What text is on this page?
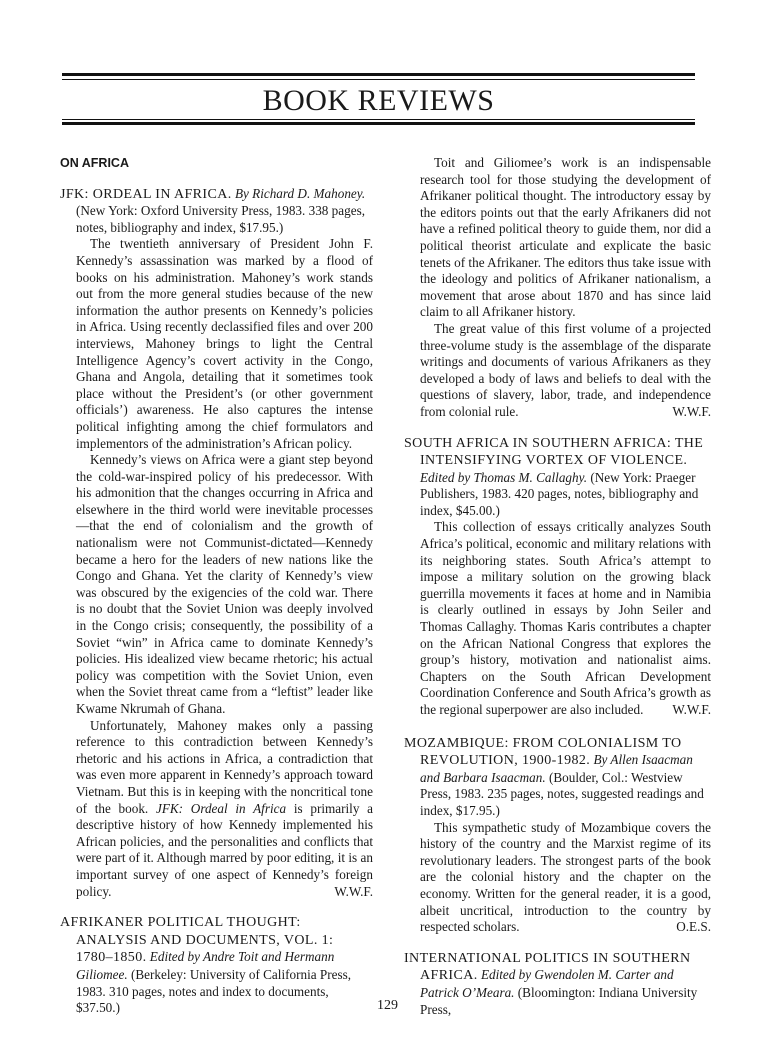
BOOK REVIEWS
ON AFRICA

JFK: ORDEAL IN AFRICA. By Richard D. Mahoney. (New York: Oxford University Press, 1983. 338 pages, notes, bibliography and index, $17.95.)

The twentieth anniversary of President John F. Kennedy’s assassination was marked by a flood of books on his administration. Mahoney’s work stands out from the more general studies because of the new information the author presents on Kennedy’s policies in Africa. Using recently declassified files and over 200 interviews, Mahoney brings to light the Central Intelligence Agency’s covert activity in the Congo, Ghana and Angola, detailing that it sometimes took place without the President’s (or other government officials’) awareness. He also captures the intense political infighting among the chief formulators and implementors of the administration’s African policy.

Kennedy’s views on Africa were a giant step beyond the cold-war-inspired policy of his predecessor. With his admonition that the changes occurring in Africa and elsewhere in the third world were inevitable processes—that the end of colonialism and the growth of nationalism were not Communist-dictated—Kennedy became a hero for the leaders of new nations like the Congo and Ghana. Yet the clarity of Kennedy’s view was obscured by the exigencies of the cold war. There is no doubt that the Soviet Union was deeply involved in the Congo crisis; consequently, the possibility of a Soviet “win” in Africa came to dominate Kennedy’s policies. His idealized view became rhetoric; his actual policy was competition with the Soviet Union, even when the Soviet threat came from a “leftist” leader like Kwame Nkrumah of Ghana.

Unfortunately, Mahoney makes only a passing reference to this contradiction between Kennedy’s rhetoric and his actions in Africa, a contradiction that was even more apparent in Kennedy’s approach toward Vietnam. But this is in keeping with the noncritical tone of the book. JFK: Ordeal in Africa is primarily a descriptive history of how Kennedy implemented his African policies, and the personalities and conflicts that were part of it. Although marred by poor editing, it is an important survey of one aspect of Kennedy’s foreign policy.	W.W.F.

AFRIKANER POLITICAL THOUGHT: ANALYSIS AND DOCUMENTS, VOL. 1: 1780–1850. Edited by Andre Toit and Hermann Giliomee. (Berkeley: University of California Press, 1983. 310 pages, notes and index to documents, $37.50.)

Toit and Giliomee’s work is an indispensable research tool for those studying the development of Afrikaner political thought. The introductory essay by the editors points out that the early Afrikaners did not have a refined political theory to guide them, nor did a political theorist articulate and explicate the basic tenets of the Afrikaner. The editors thus take issue with the ideology and politics of Afrikaner nationalism, a movement that arose about 1870 and has since laid claim to all Afrikaner history.

The great value of this first volume of a projected three-volume study is the assemblage of the disparate writings and documents of various Afrikaners as they developed a body of laws and beliefs to deal with the questions of slavery, labor, trade, and independence from colonial rule.	W.W.F.

SOUTH AFRICA IN SOUTHERN AFRICA: THE INTENSIFYING VORTEX OF VIOLENCE. Edited by Thomas M. Callaghy. (New York: Praeger Publishers, 1983. 420 pages, notes, bibliography and index, $45.00.)

This collection of essays critically analyzes South Africa’s political, economic and military relations with its neighboring states. South Africa’s attempt to impose a military solution on the growing black guerrilla movements it faces at home and in Namibia is clearly outlined in essays by John Seiler and Thomas Callaghy. Thomas Karis contributes a chapter on the African National Congress that explores the group’s history, motivation and nationalist aims. Chapters on the South African Development Coordination Conference and South Africa’s growth as the regional superpower are also included.	W.W.F.

MOZAMBIQUE: FROM COLONIALISM TO REVOLUTION, 1900-1982. By Allen Isaacman and Barbara Isaacman. (Boulder, Col.: Westview Press, 1983. 235 pages, notes, suggested readings and index, $17.95.)

This sympathetic study of Mozambique covers the history of the country and the Marxist regime of its revolutionary leaders. The strongest parts of the book are the colonial history and the chapter on the economy. Written for the general reader, it is a good, albeit uncritical, introduction to the country by respected scholars.	O.E.S.

INTERNATIONAL POLITICS IN SOUTHERN AFRICA. Edited by Gwendolen M. Carter and Patrick O’Meara. (Bloomington: Indiana University Press,

129
